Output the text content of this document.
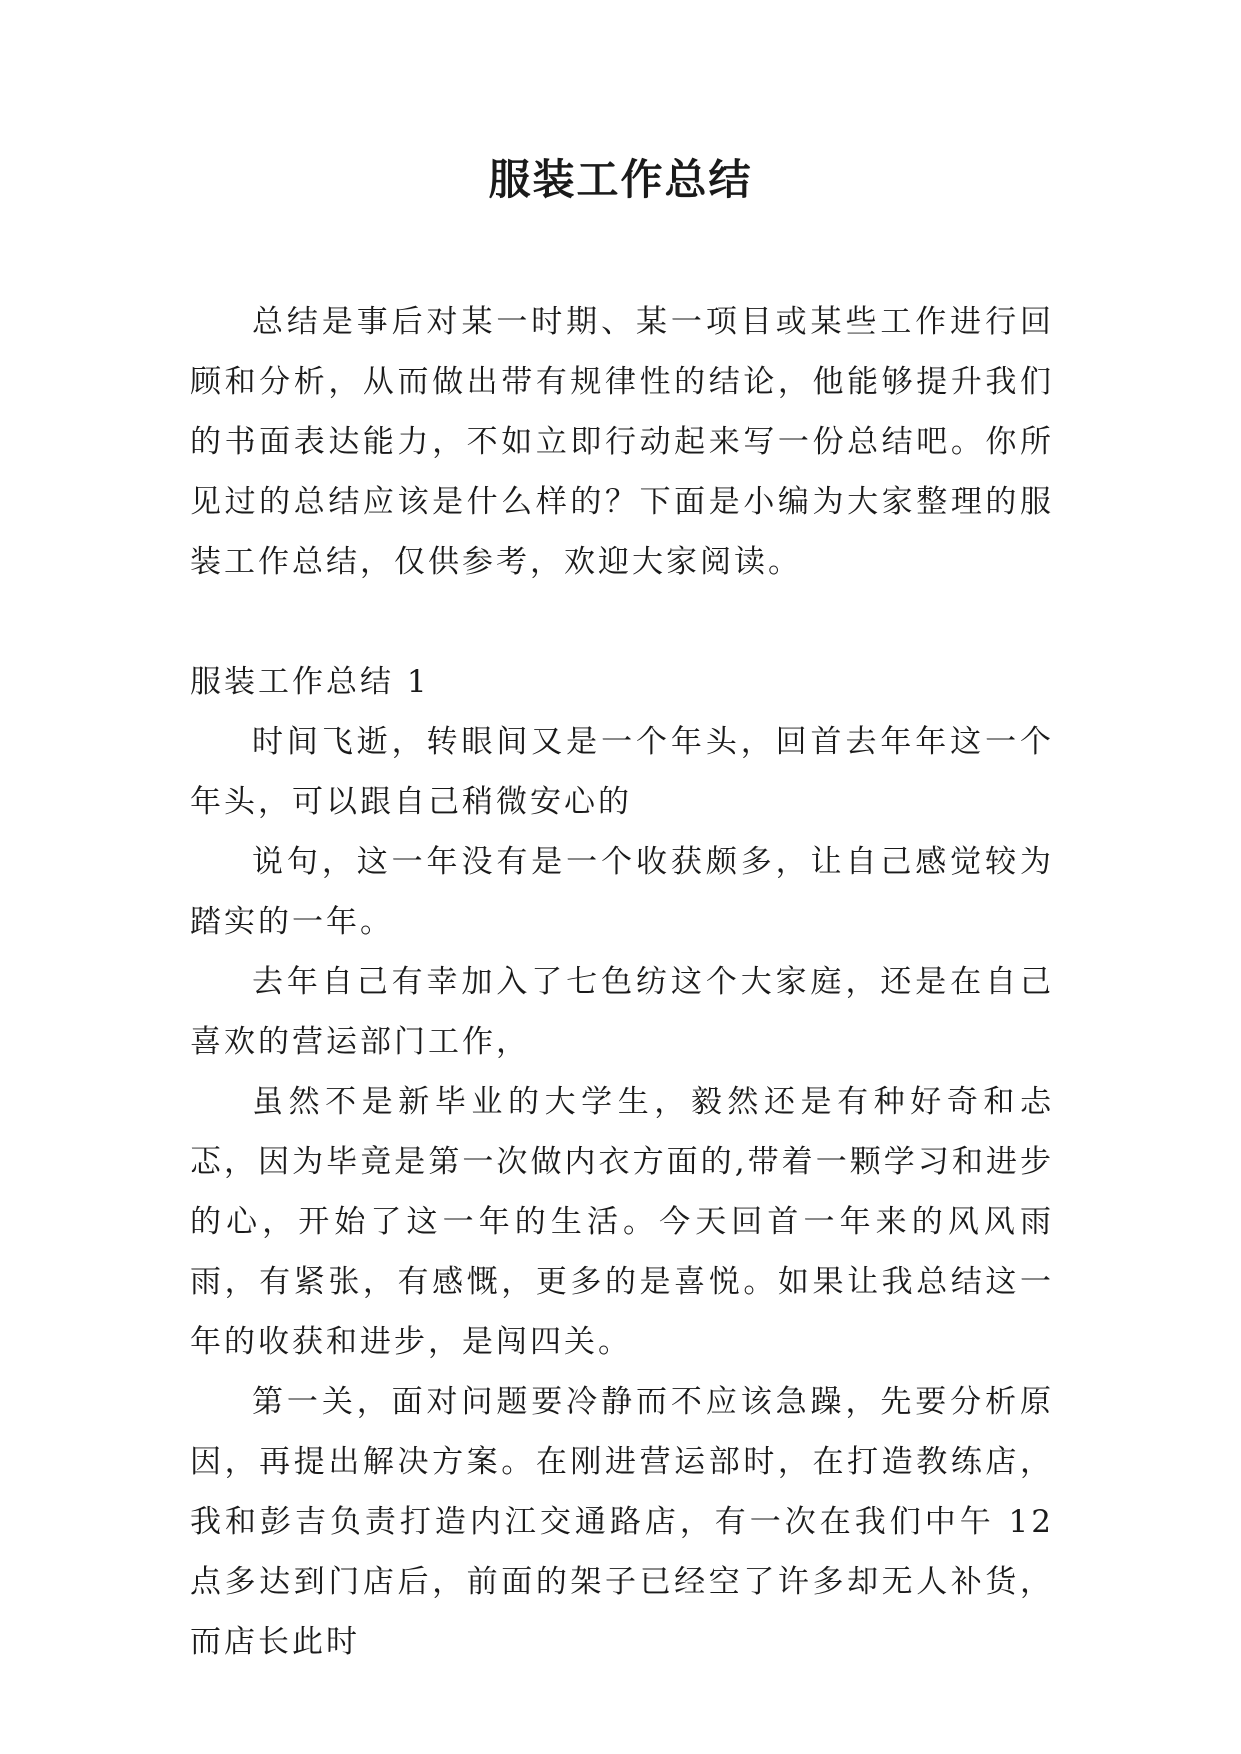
服装工作总结

总结是事后对某一时期、某一项目或某些工作进行回顾和分析，从而做出带有规律性的结论，他能够提升我们的书面表达能力，不如立即行动起来写一份总结吧。你所见过的总结应该是什么样的？下面是小编为大家整理的服装工作总结，仅供参考，欢迎大家阅读。

服装工作总结 1

时间飞逝，转眼间又是一个年头，回首去年年这一个年头，可以跟自己稍微安心的

说句，这一年没有是一个收获颇多，让自己感觉较为踏实的一年。

去年自己有幸加入了七色纺这个大家庭，还是在自己喜欢的营运部门工作，

虽然不是新毕业的大学生，毅然还是有种好奇和忐忑，因为毕竟是第一次做内衣方面的,带着一颗学习和进步的心，开始了这一年的生活。今天回首一年来的风风雨雨，有紧张，有感慨，更多的是喜悦。如果让我总结这一年的收获和进步，是闯四关。

第一关，面对问题要冷静而不应该急躁，先要分析原因，再提出解决方案。在刚进营运部时，在打造教练店，我和彭吉负责打造内江交通路店，有一次在我们中午 12 点多达到门店后，前面的架子已经空了许多却无人补货，而店长此时
